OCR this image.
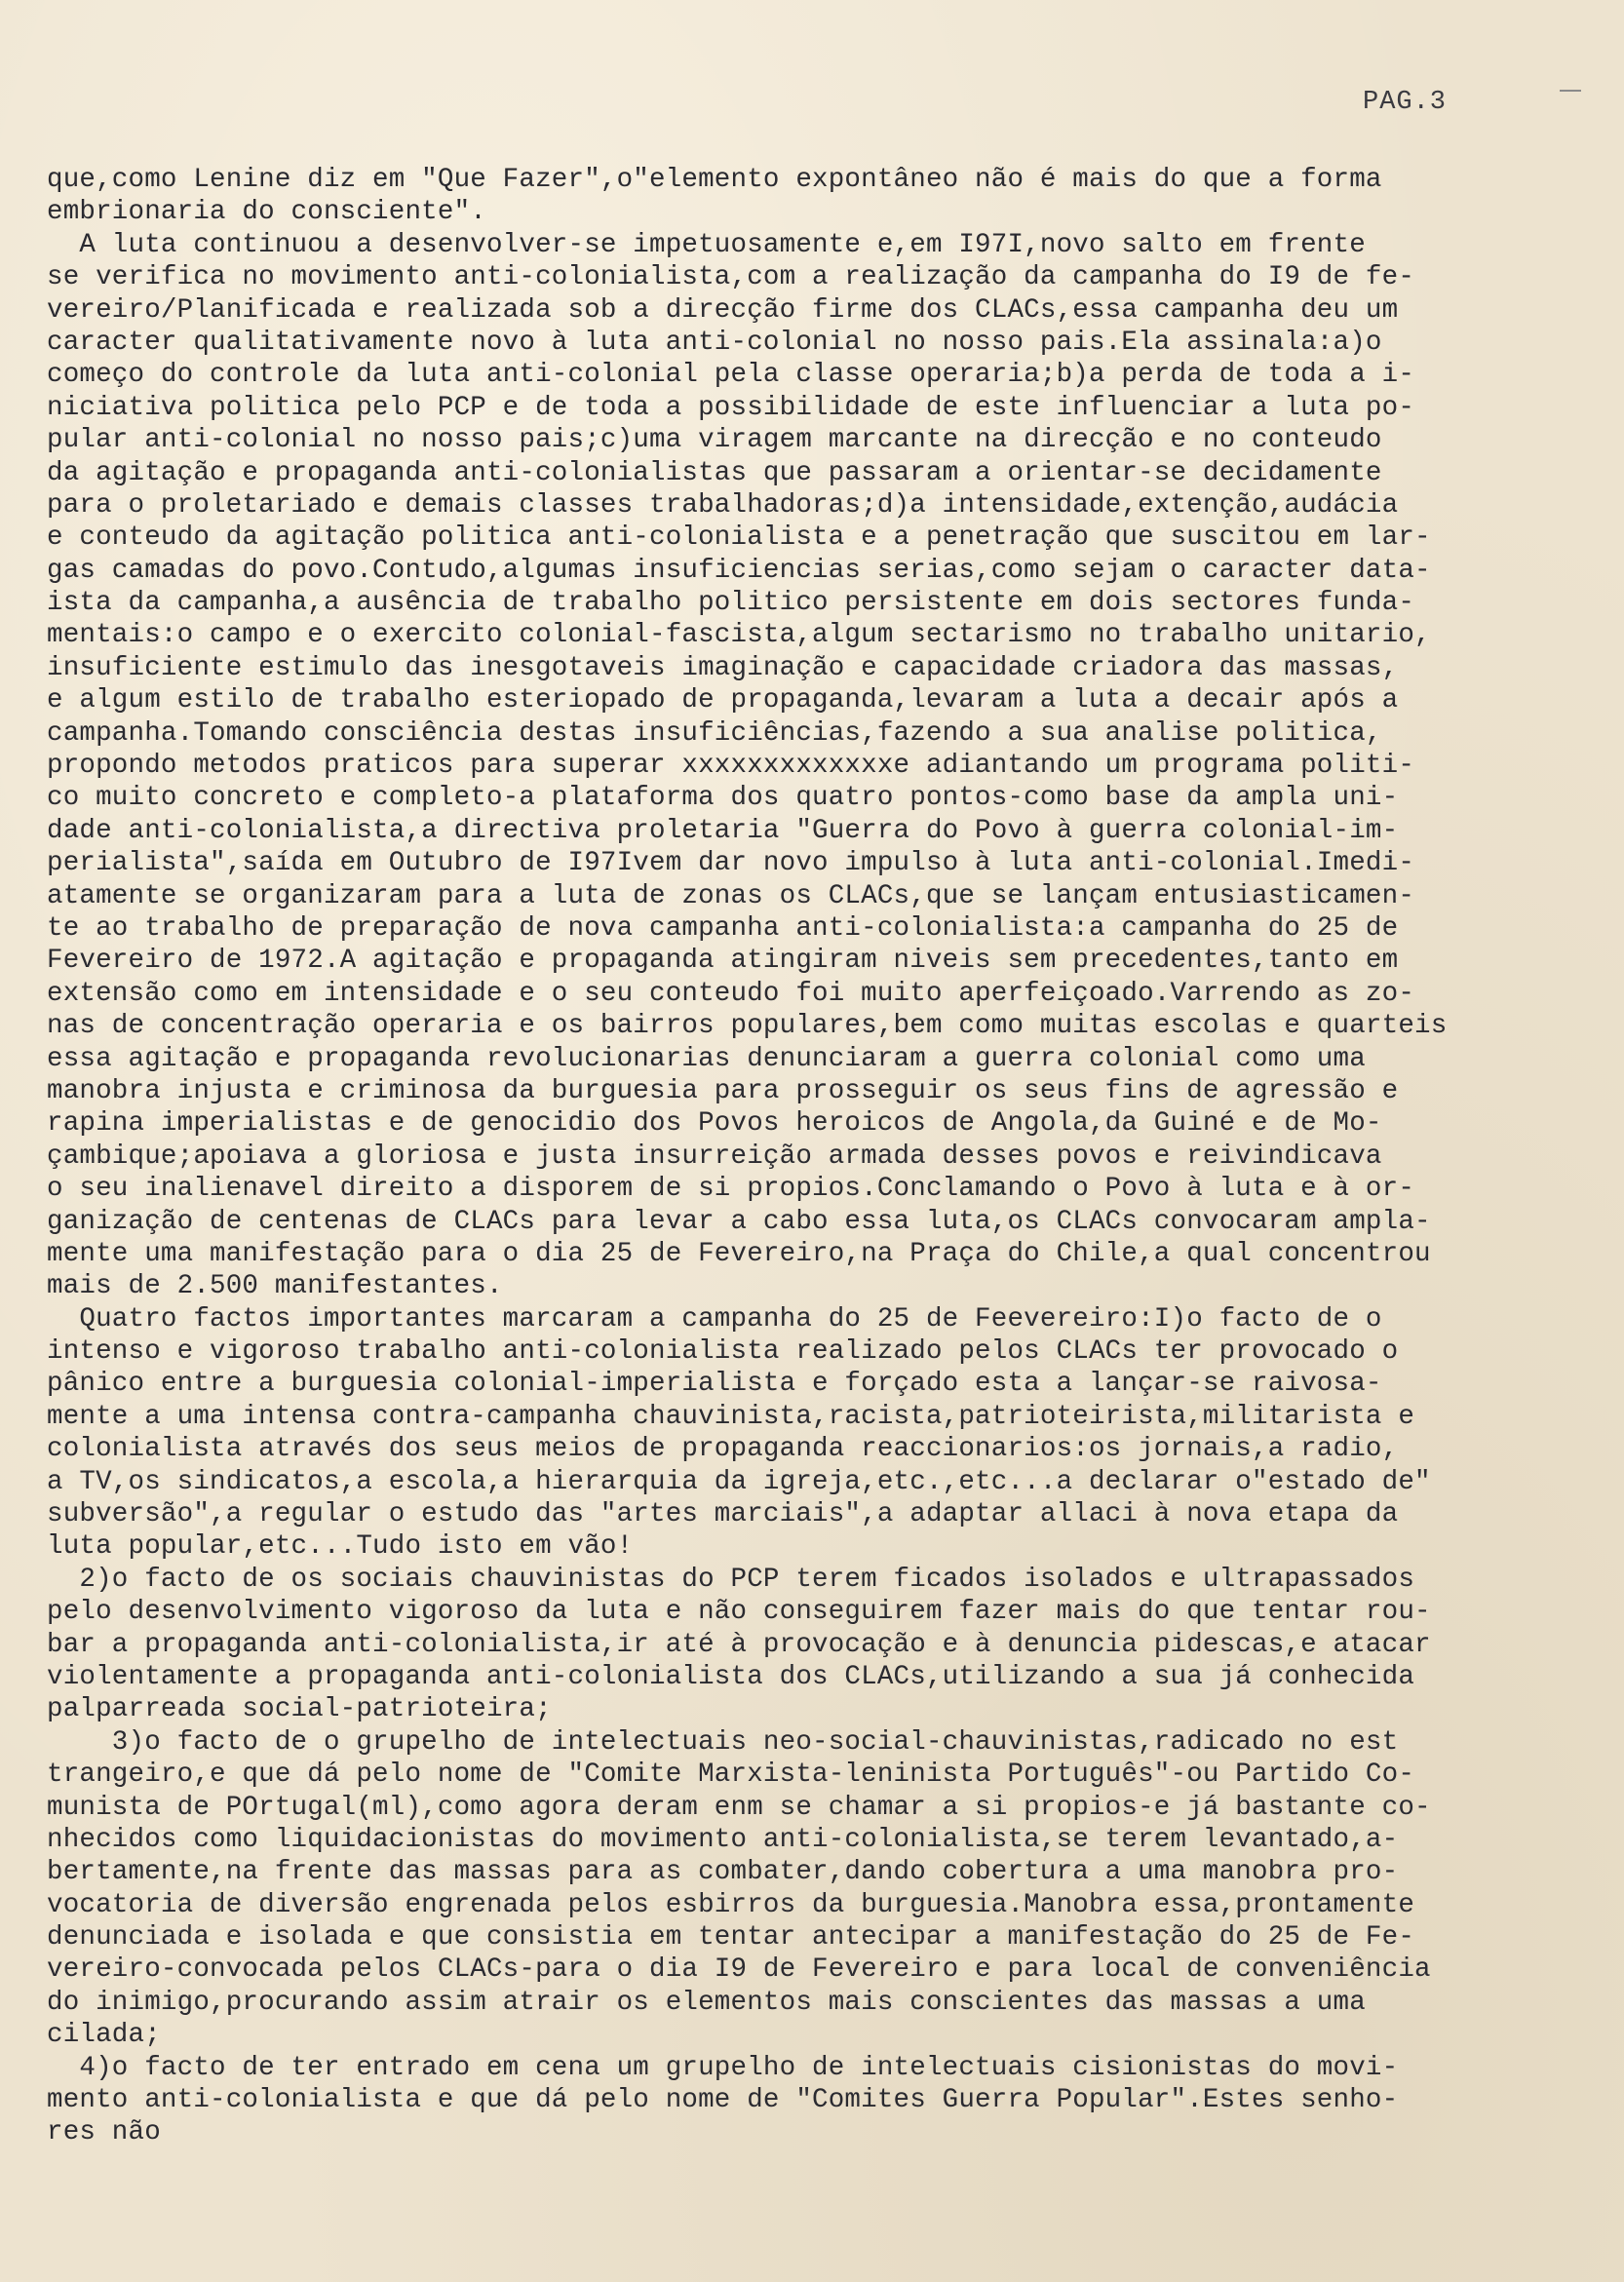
PAG.3
que,como Lenine diz em "Que Fazer",o"elemento expontâneo não é mais do que a forma
embrionaria do consciente".
A luta continuou a desenvolver-se impetuosamente e,em I97I,novo salto em frente
se verifica no movimento anti-colonialista,com a realização da campanha do I9 de fe-
vereiro/Planificada e realizada sob a direcção firme dos CLACs,essa campanha deu um
caracter qualitativamente novo à luta anti-colonial no nosso pais.Ela assinala:a)o
começo do controle da luta anti-colonial pela classe operaria;b)a perda de toda a i-
niciativa politica pelo PCP e de toda a possibilidade de este influenciar a luta po-
pular anti-colonial no nosso pais;c)uma viragem marcante na direcção e no conteudo
da agitação e propaganda anti-colonialistas que passaram a orientar-se decidamente
para o proletariado e demais classes trabalhadoras;d)a intensidade,extenção,audácia
e conteudo da agitação politica anti-colonialista e a penetração que suscitou em lar-
gas camadas do povo.Contudo,algumas insuficiencias serias,como sejam o caracter data-
ista da campanha,a ausência de trabalho politico persistente em dois sectores funda-
mentais:o campo e o exercito colonial-fascista,algum sectarismo no trabalho unitario,
insuficiente estimulo das inesgotaveis imaginação e capacidade criadora das massas,
e algum estilo de trabalho esteriopado de propaganda,levaram a luta a decair após a
campanha.Tomando consciência destas insuficiências,fazendo a sua analise politica,
propondo metodos praticos para superar xxxxxxxxxxxxxe adiantando um programa politi-
co muito concreto e completo-a plataforma dos quatro pontos-como base da ampla uni-
dade anti-colonialista,a directiva proletaria "Guerra do Povo à guerra colonial-im-
perialista",saída em Outubro de I97Ivem dar novo impulso à luta anti-colonial.Imedi-
atamente se organizaram para a luta de zonas os CLACs,que se lançam entusiasticamen-
te ao trabalho de preparação de nova campanha anti-colonialista:a campanha do 25 de
Fevereiro de 1972.A agitação e propaganda atingiram niveis sem precedentes,tanto em
extensão como em intensidade e o seu conteudo foi muito aperfeiçoado.Varrendo as zo-
nas de concentração operaria e os bairros populares,bem como muitas escolas e quarteis
essa agitação e propaganda revolucionarias denunciaram a guerra colonial como uma
manobra injusta e criminosa da burguesia para prosseguir os seus fins de agressão e
rapina imperialistas e de genocidio dos Povos heroicos de Angola,da Guiné e de Mo-
çambique;apoiava a gloriosa e justa insurreição armada desses povos e reivindicava
o seu inalienavel direito a disporem de si propios.Conclamando o Povo à luta e à or-
ganização de centenas de CLACs para levar a cabo essa luta,os CLACs convocaram ampla-
mente uma manifestação para o dia 25 de Fevereiro,na Praça do Chile,a qual concentrou
mais de 2.500 manifestantes.
Quatro factos importantes marcaram a campanha do 25 de Feevereiro:I)o facto de o
intenso e vigoroso trabalho anti-colonialista realizado pelos CLACs ter provocado o
pânico entre a burguesia colonial-imperialista e forçado esta a lançar-se raivosa-
mente a uma intensa contra-campanha chauvinista,racista,patrioteirista,militarista e
colonialista através dos seus meios de propaganda reaccionarios:os jornais,a radio,
a TV,os sindicatos,a escola,a hierarquia da igreja,etc.,etc...a declarar o"estado de"
subversão",a regular o estudo das "artes marciais",a adaptar allaci à nova etapa da
luta popular,etc...Tudo isto em vão!
2)o facto de os sociais chauvinistas do PCP terem ficados isolados e ultrapassados
pelo desenvolvimento vigoroso da luta e não conseguirem fazer mais do que tentar rou-
bar a propaganda anti-colonialista,ir até à provocação e à denuncia pidescas,e atacar
violentamente a propaganda anti-colonialista dos CLACs,utilizando a sua já conhecida
palparreada social-patrioteira;
3)o facto de o grupelho de intelectuais neo-social-chauvinistas,radicado no est
trangeiro,e que dá pelo nome de "Comite Marxista-leninista Português"-ou Partido Co-
munista de POrtugal(ml),como agora deram enm se chamar a si propios-e já bastante co-
nhecidos como liquidacionistas do movimento anti-colonialista,se terem levantado,a-
bertamente,na frente das massas para as combater,dando cobertura a uma manobra pro-
vocatoria de diversão engrenada pelos esbirros da burguesia.Manobra essa,prontamente
denunciada e isolada e que consistia em tentar antecipar a manifestação do 25 de Fe-
vereiro-convocada pelos CLACs-para o dia I9 de Fevereiro e para local de conveniência
do inimigo,procurando assim atrair os elementos mais conscientes das massas a uma
cilada;
4)o facto de ter entrado em cena um grupelho de intelectuais cisionistas do movi-
mento anti-colonialista e que dá pelo nome de "Comites Guerra Popular".Estes senho-
res não
